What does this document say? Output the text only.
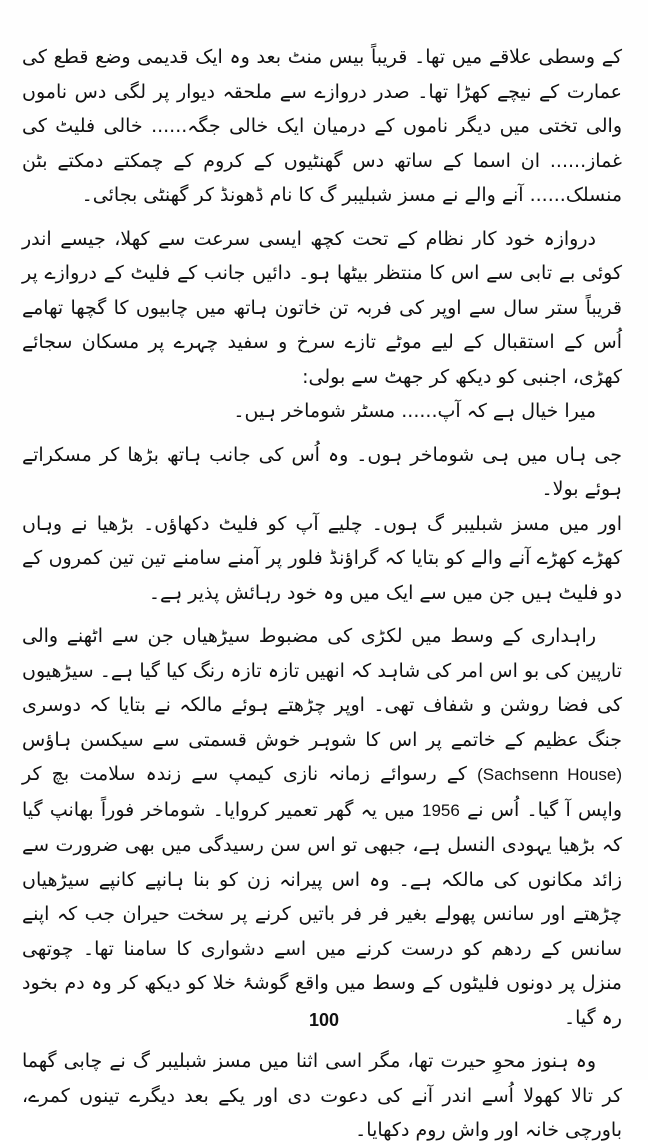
کے وسطی علاقے میں تھا۔ قریباً بیس منٹ بعد وہ ایک قدیمی وضع قطع کی عمارت کے نیچے کھڑا تھا۔ صدر دروازے سے ملحقہ دیوار پر لگی دس ناموں والی تختی میں دیگر ناموں کے درمیان ایک خالی جگہ...... خالی فلیٹ کی غماز...... ان اسما کے ساتھ دس گھنٹیوں کے کروم کے چمکتے دمکتے بٹن منسلک...... آنے والے نے مسز شبلیبر گ کا نام ڈھونڈ کر گھنٹی بجائی۔

دروازہ خود کار نظام کے تحت کچھ ایسی سرعت سے کھلا، جیسے اندر کوئی بے تابی سے اس کا منتظر بیٹھا ہو۔ دائیں جانب کے فلیٹ کے دروازے پر قریباً ستر سال سے اوپر کی فربہ تن خاتون ہاتھ میں چابیوں کا گچھا تھامے اُس کے استقبال کے لیے موٹے تازے سرخ و سفید چہرے پر مسکان سجائے کھڑی، اجنبی کو دیکھ کر جھٹ سے بولی:

میرا خیال ہے کہ آپ...... مسٹر شوماخر ہیں۔

جی ہاں میں ہی شوماخر ہوں۔ وہ اُس کی جانب ہاتھ بڑھا کر مسکراتے ہوئے بولا۔

اور میں مسز شبلیبر گ ہوں۔ چلیے آپ کو فلیٹ دکھاؤں۔ بڑھیا نے وہاں کھڑے کھڑے آنے والے کو بتایا کہ گراؤنڈ فلور پر آمنے سامنے تین تین کمروں کے دو فلیٹ ہیں جن میں سے ایک میں وہ خود رہائش پذیر ہے۔

راہداری کے وسط میں لکڑی کی مضبوط سیڑھیاں جن سے اٹھنے والی تارپین کی بو اس امر کی شاہد کہ انھیں تازہ تازہ رنگ کیا گیا ہے۔ سیڑھیوں کی فضا روشن و شفاف تھی۔ اوپر چڑھتے ہوئے مالکہ نے بتایا کہ دوسری جنگ عظیم کے خاتمے پر اس کا شوہر خوش قسمتی سے سیکسن ہاؤس (Sachsenn House) کے رسوائے زمانہ نازی کیمپ سے زندہ سلامت بچ کر واپس آ گیا۔ اُس نے 1956 میں یہ گھر تعمیر کروایا۔ شوماخر فوراً بھانپ گیا کہ بڑھیا یہودی النسل ہے، جبھی تو اس سن رسیدگی میں بھی ضرورت سے زائد مکانوں کی مالکہ ہے۔ وہ اس پیرانہ زن کو بنا ہانپے کانپے سیڑھیاں چڑھتے اور سانس پھولے بغیر فر فر باتیں کرنے پر سخت حیران جب کہ اپنے سانس کے ردھم کو درست کرنے میں اسے دشواری کا سامنا تھا۔ چوتھی منزل پر دونوں فلیٹوں کے وسط میں واقع گوشۂ خلا کو دیکھ کر وہ دم بخود رہ گیا۔

وہ ہنوز محوِ حیرت تھا، مگر اسی اثنا میں مسز شبلیبر گ نے چابی گھما کر تالا کھولا اُسے اندر آنے کی دعوت دی اور یکے بعد دیگرے تینوں کمرے، باورچی خانہ اور واش روم دکھایا۔

100
